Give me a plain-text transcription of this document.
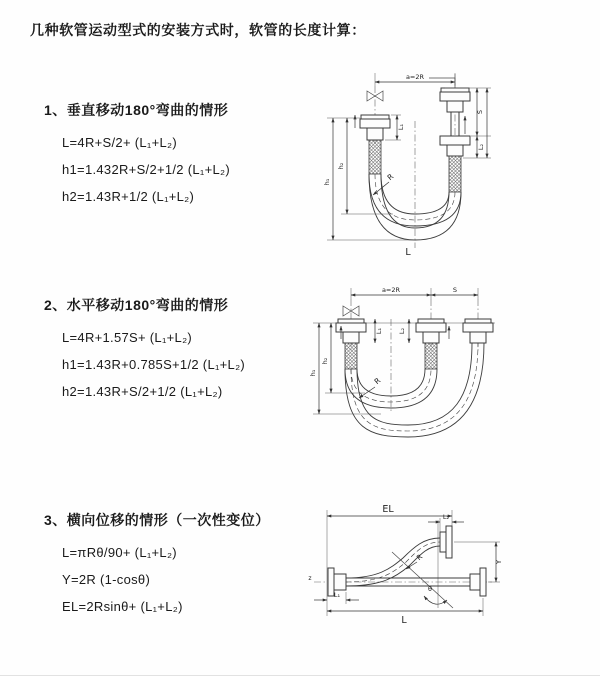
几种软管运动型式的安装方式时，软管的长度计算：

1、垂直移动180°弯曲的情形

L=4R+S/2+ (L₁+L₂)

h1=1.432R+S/2+1/2 (L₁+L₂)

h2=1.43R+1/2 (L₁+L₂)

a=2R
h₂
h₁
L₁
S
L₂
R
L

2、水平移动180°弯曲的情形

L=4R+1.57S+ (L₁+L₂)

h1=1.43R+0.785S+1/2 (L₁+L₂)

h2=1.43R+S/2+1/2 (L₁+L₂)

a=2R	S
h₂
h₁
L₁ L₂
R

3、横向位移的情形（一次性变位）

L=πRθ/90+ (L₁+L₂)

Y=2R (1-cosθ)

EL=2Rsinθ+ (L₁+L₂)

z
EL
L₂
θ
R	Y
L₁
L
